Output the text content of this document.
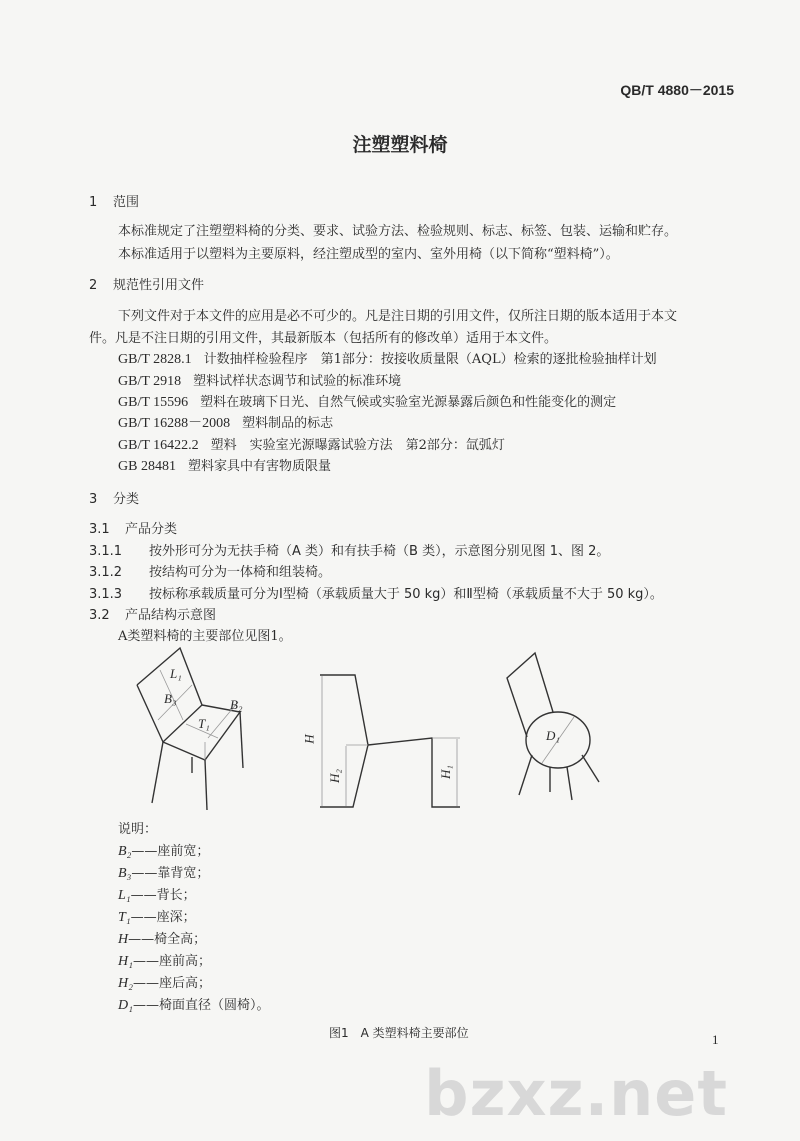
QB/T 4880－2015
注塑塑料椅
1 范围
本标准规定了注塑塑料椅的分类、要求、试验方法、检验规则、标志、标签、包装、运输和贮存。
本标准适用于以塑料为主要原料，经注塑成型的室内、室外用椅（以下简称“塑料椅”）。
2 规范性引用文件
下列文件对于本文件的应用是必不可少的。凡是注日期的引用文件，仅所注日期的版本适用于本文
件。凡是不注日期的引用文件，其最新版本（包括所有的修改单）适用于本文件。
GB/T 2828.1 计数抽样检验程序　第1部分：按接收质量限（AQL）检索的逐批检验抽样计划
GB/T 2918 塑料试样状态调节和试验的标准环境
GB/T 15596 塑料在玻璃下日光、自然气候或实验室光源暴露后颜色和性能变化的测定
GB/T 16288－2008 塑料制品的标志
GB/T 16422.2 塑料　实验室光源曝露试验方法　第2部分：氙弧灯
GB 28481 塑料家具中有害物质限量
3 分类
3.1 产品分类
3.1.1 按外形可分为无扶手椅（A 类）和有扶手椅（B 类），示意图分别见图 1、图 2。
3.1.2 按结构可分为一体椅和组装椅。
3.1.3 按标称承载质量可分为Ⅰ型椅（承载质量大于 50 kg）和Ⅱ型椅（承载质量不大于 50 kg）。
3.2 产品结构示意图
A类塑料椅的主要部位见图1。
L₁
B₃
T₁
B₂
H
H₂	H₁
D₁
说明：
B₂——座前宽；
B₃——靠背宽；
L₁——背长；
T₁——座深；
H——椅全高；
H₁——座前高；
H₂——座后高；
D₁——椅面直径（圆椅）。
图1　A 类塑料椅主要部位	1
bzxz.net
